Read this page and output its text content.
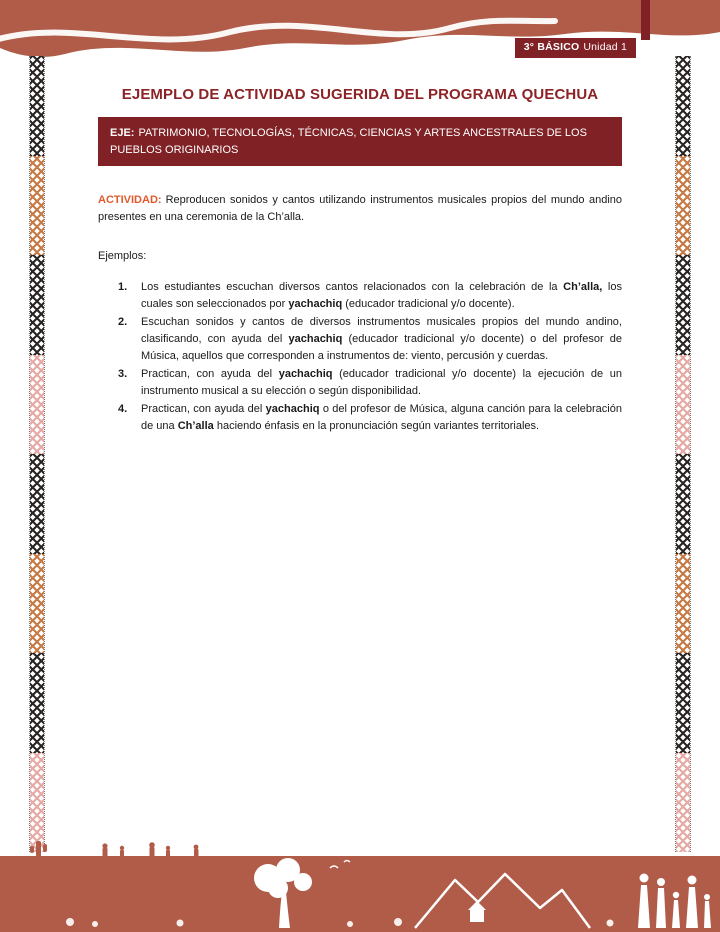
3° BÁSICO Unidad 1
EJEMPLO DE ACTIVIDAD SUGERIDA DEL PROGRAMA QUECHUA
EJE: PATRIMONIO, TECNOLOGÍAS, TÉCNICAS, CIENCIAS Y ARTES ANCESTRALES DE LOS PUEBLOS ORIGINARIOS

ACTIVIDAD: Reproducen sonidos y cantos utilizando instrumentos musicales propios del mundo andino presentes en una ceremonia de la Ch’alla.

Ejemplos:

1.	Los estudiantes escuchan diversos cantos relacionados con la celebración de la Ch’alla, los cuales son seleccionados por yachachiq (educador tradicional y/o docente).
2.	Escuchan sonidos y cantos de diversos instrumentos musicales propios del mundo andino, clasificando, con ayuda del yachachiq (educador tradicional y/o docente) o del profesor de Música, aquellos que corresponden a instrumentos de: viento, percusión y cuerdas.
3.	Practican, con ayuda del yachachiq (educador tradicional y/o docente) la ejecución de un instrumento musical a su elección o según disponibilidad.
4.	Practican, con ayuda del yachachiq o del profesor de Música, alguna canción para la celebración de una Ch’alla haciendo énfasis en la pronunciación según variantes territoriales.
